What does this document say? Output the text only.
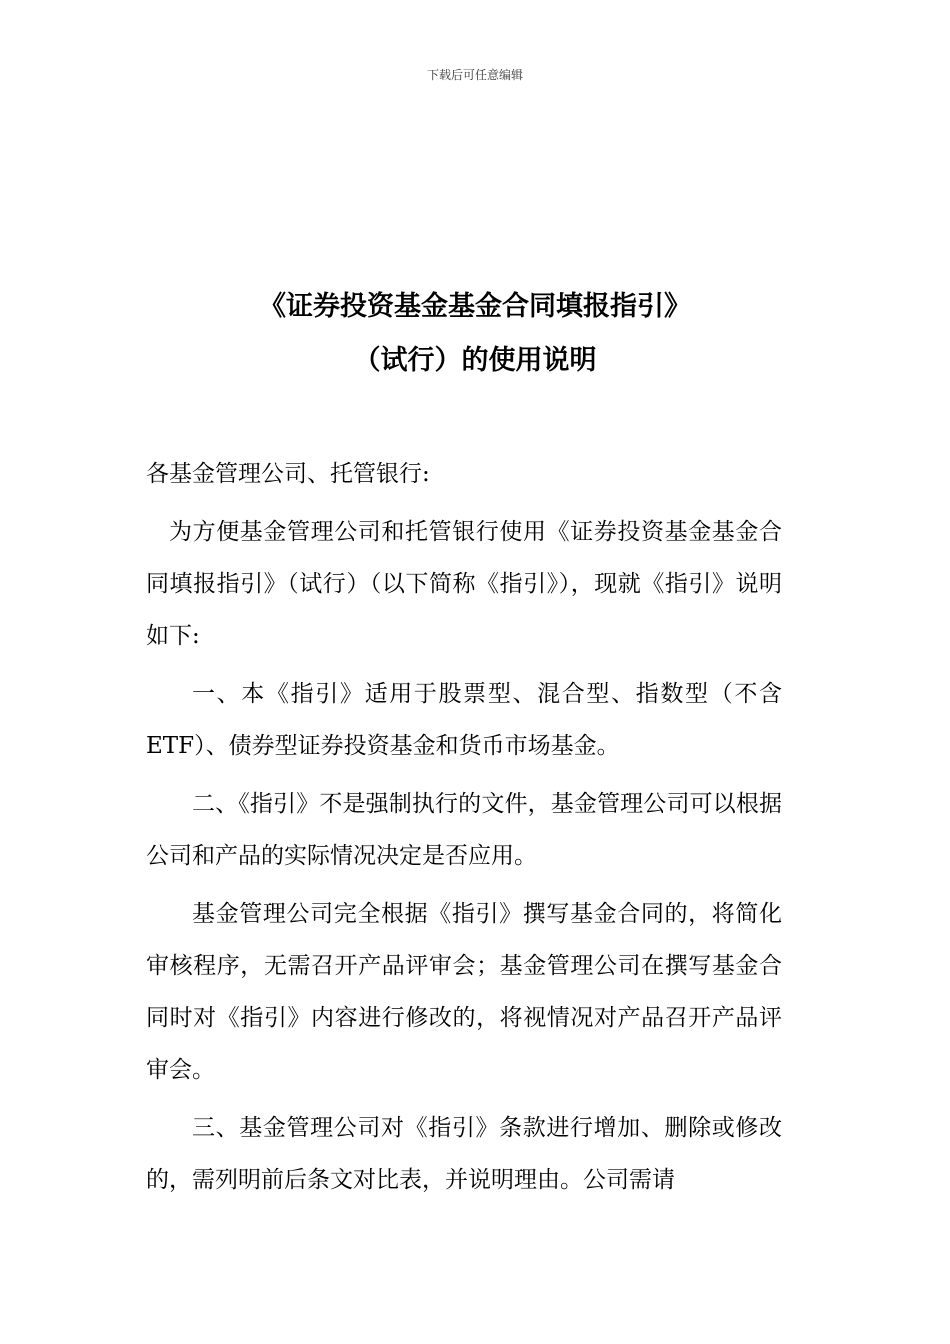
下载后可任意编辑
《证券投资基金基金合同填报指引》
（试行）的使用说明

各基金管理公司、托管银行:

为方便基金管理公司和托管银行使用《证券投资基金基金合同填报指引》（试行）（以下简称《指引》），现就《指引》说明如下:

一、本《指引》适用于股票型、混合型、指数型（不含 ETF）、债券型证券投资基金和货币市场基金。

二、《指引》不是强制执行的文件，基金管理公司可以根据公司和产品的实际情况决定是否应用。

基金管理公司完全根据《指引》撰写基金合同的，将简化审核程序，无需召开产品评审会；基金管理公司在撰写基金合同时对《指引》内容进行修改的，将视情况对产品召开产品评审会。

三、基金管理公司对《指引》条款进行增加、删除或修改的，需列明前后条文对比表，并说明理由。公司需请
